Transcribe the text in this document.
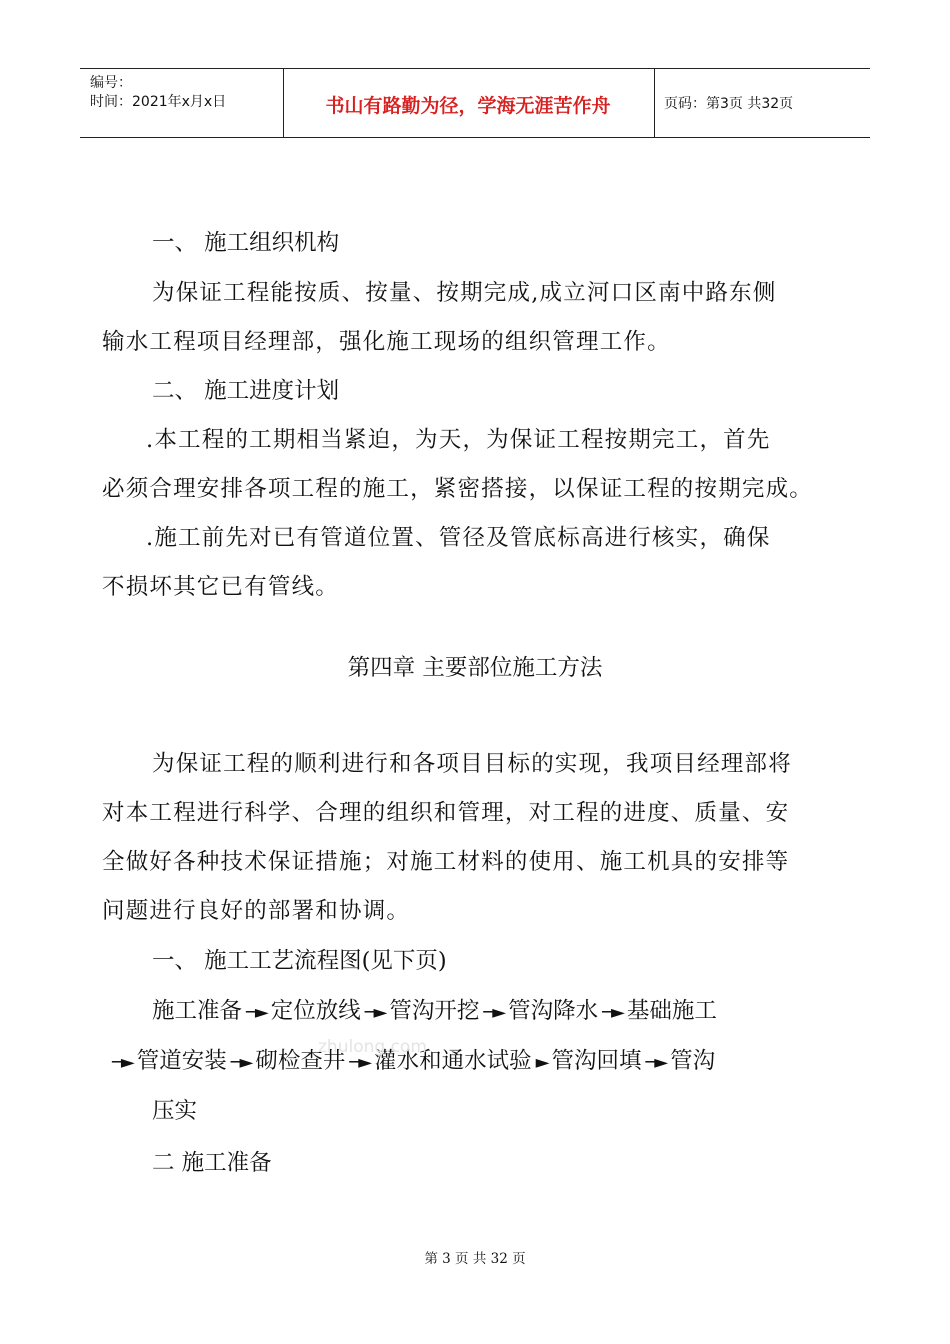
编号：
时间：2021年x月x日	书山有路勤为径，学海无涯苦作舟	页码：第3页 共32页
一、 施工组织机构
为保证工程能按质、按量、按期完成,成立河口区南中路东侧
输水工程项目经理部，强化施工现场的组织管理工作。
二、 施工进度计划
.本工程的工期相当紧迫，为天，为保证工程按期完工，首先
必须合理安排各项工程的施工，紧密搭接，以保证工程的按期完成。
.施工前先对已有管道位置、管径及管底标高进行核实，确保
不损坏其它已有管线。
第四章 主要部位施工方法
为保证工程的顺利进行和各项目目标的实现，我项目经理部将
对本工程进行科学、合理的组织和管理，对工程的进度、质量、安
全做好各种技术保证措施；对施工材料的使用、施工机具的安排等
问题进行良好的部署和协调。
一、 施工工艺流程图(见下页)
施工准备 ─► 定位放线 ─► 管沟开挖 ─► 管沟降水 ─► 基础施工
─► 管道安装 ─► 砌检查井 ─► 灌水和通水试验 ► 管沟回填 ─► 管沟
压实
zhulong.com
二 施工准备
第 3 页 共 32 页
